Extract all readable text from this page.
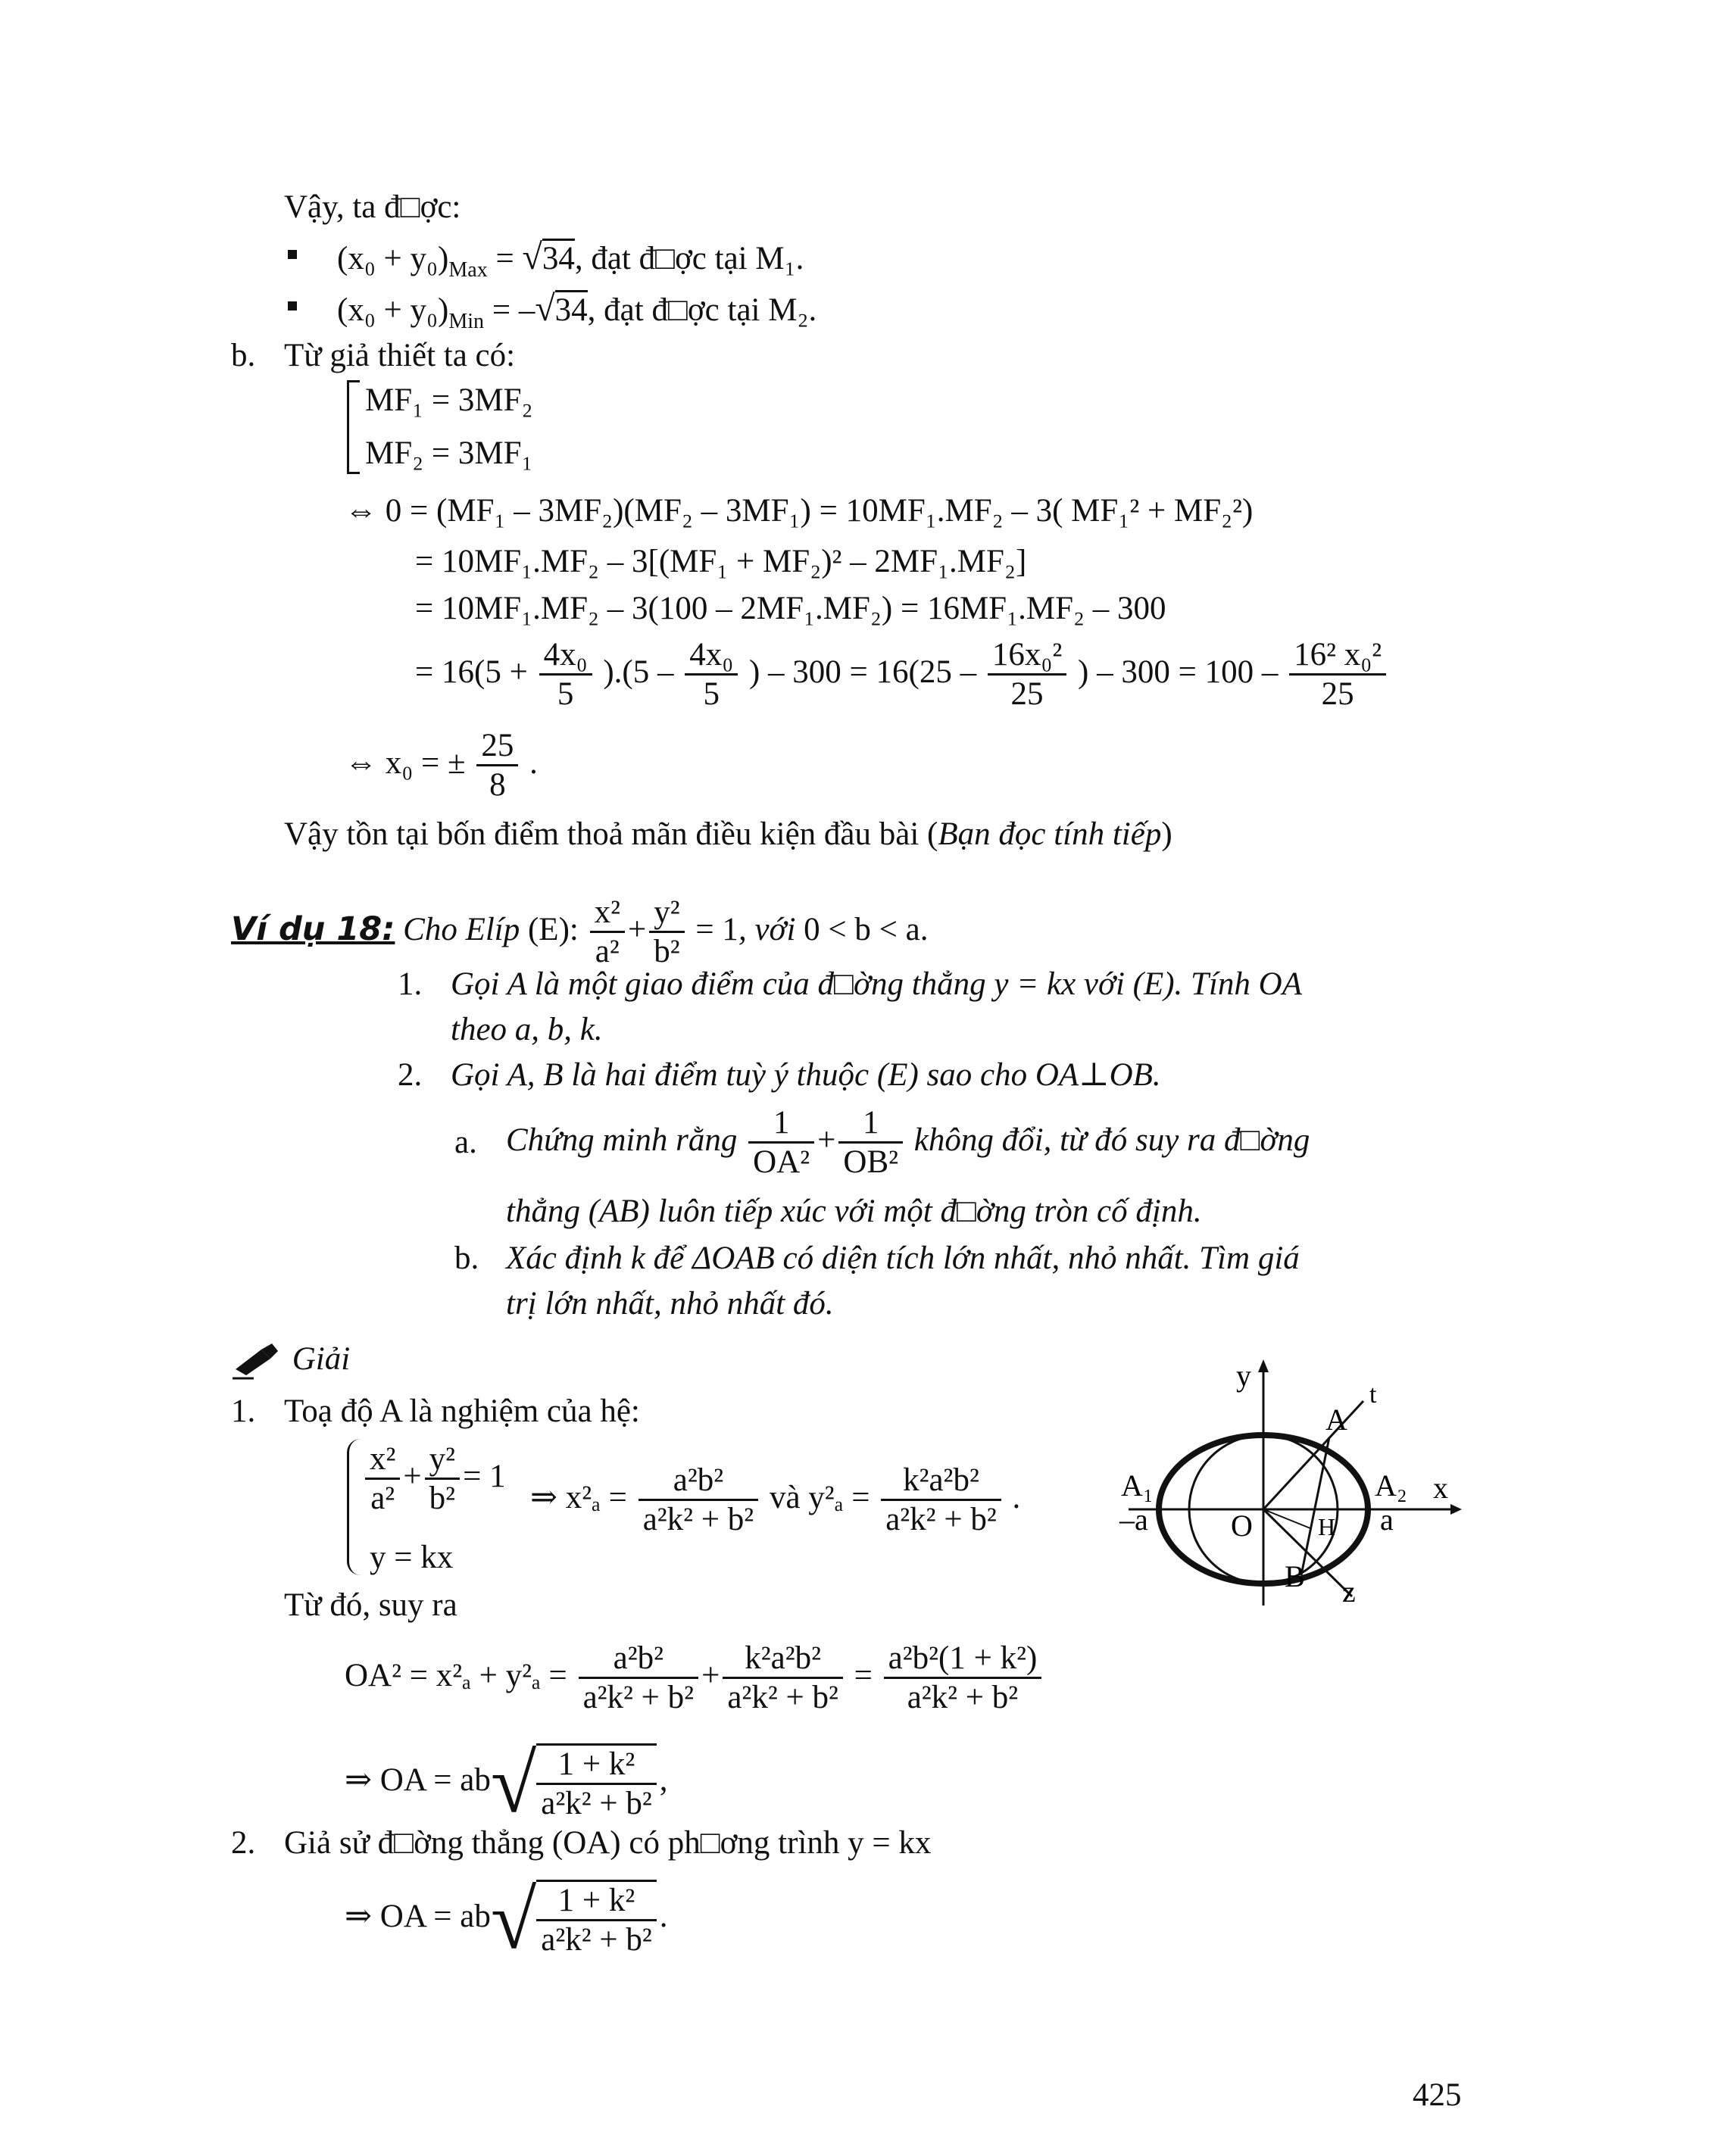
Vậy, ta đ□ợc:
$(x_0 + y_0)_{Max} = √34$, đạt đ□ợc tại M₁.
$(x_0 + y_0)_{Min} = -√34$, đạt đ□ợc tại M₂.
b. Từ giả thiết ta có:
MF₁ = 3MF₂
MF₂ = 3MF₁
⇔ 0 = (MF₁ – 3MF₂)(MF₂ – 3MF₁) = 10MF₁.MF₂ – 3( MF₁² + MF₂²)
= 10MF₁.MF₂ – 3[(MF₁ + MF₂)² – 2MF₁.MF₂]
= 10MF₁.MF₂ – 3(100 – 2MF₁.MF₂) = 16MF₁.MF₂ – 300
= $16(5 + \frac{\text{4x₀}}{5} ).(5 - \frac{\text{4x₀}}{5}$ ) – $300 = 16(25 - \frac{\text{16x₀²}}{25}$ ) – $300 = 100 - \frac{\text{16² x₀²}}{25}$
⇔ x₀ = ± $\frac{25}{8}$ .
Vậy tồn tại bốn điểm thoả mãn điều kiện đầu bài (Bạn đọc tính tiếp)
Ví dụ 18: Cho Elíp (E): $\frac{\text{x²}}{\text{a²}} + \frac{\text{y²}}{\text{b²}} = 1$, với 0 < b < a.
1. Gọi A là một giao điểm của đ□ờng thẳng y = kx với (E). Tính OA
theo a, b, k.
2. Gọi A, B là hai điểm tuỳ ý thuộc (E) sao cho OA⊥OB.
a. Chứng minh rằng $\frac{1}{\text{OA²}} + \frac{1}{\text{OB²}}$ không đổi, từ đó suy ra đ□ờng
thẳng (AB) luôn tiếp xúc với một đ□ờng tròn cố định.
b. Xác định k để ΔOAB có diện tích lớn nhất, nhỏ nhất. Tìm giá
trị lớn nhất, nhỏ nhất đó.
Giải
1. Toạ độ A là nghiệm của hệ:
$\frac{\text{x²}}{\text{a²}} + \frac{\text{y²}}{\text{b²}} = 1$
y = kx
⇒ $x^2_a = \frac{\text{a²b²}}{\text{a²k² + b²}}$ và $y^2_a = \frac{\text{k²a²b²}}{\text{a²k² + b²}}$ .
Từ đó, suy ra
$OA^2 = x^2_a + y^2_a = \frac{\text{a²b²}}{\text{a²k² + b²}} + \frac{\text{k²a²b²}}{\text{a²k² + b²}} = \frac{\text{a²b²(1 + k²)}}{\text{a²k² + b²}}$
⇒ OA = $ab√ \frac{\text{1 + k²}}{\text{a²k² + b²}}$ ,
2. Giả sử đ□ờng thẳng (OA) có ph□ơng trình y = kx
⇒ OA = $ab√ \frac{\text{1 + k²}}{\text{a²k² + b²}}$ .
y
x
t
z
A
A₁	A₂
–a	a
O	H
B
425
